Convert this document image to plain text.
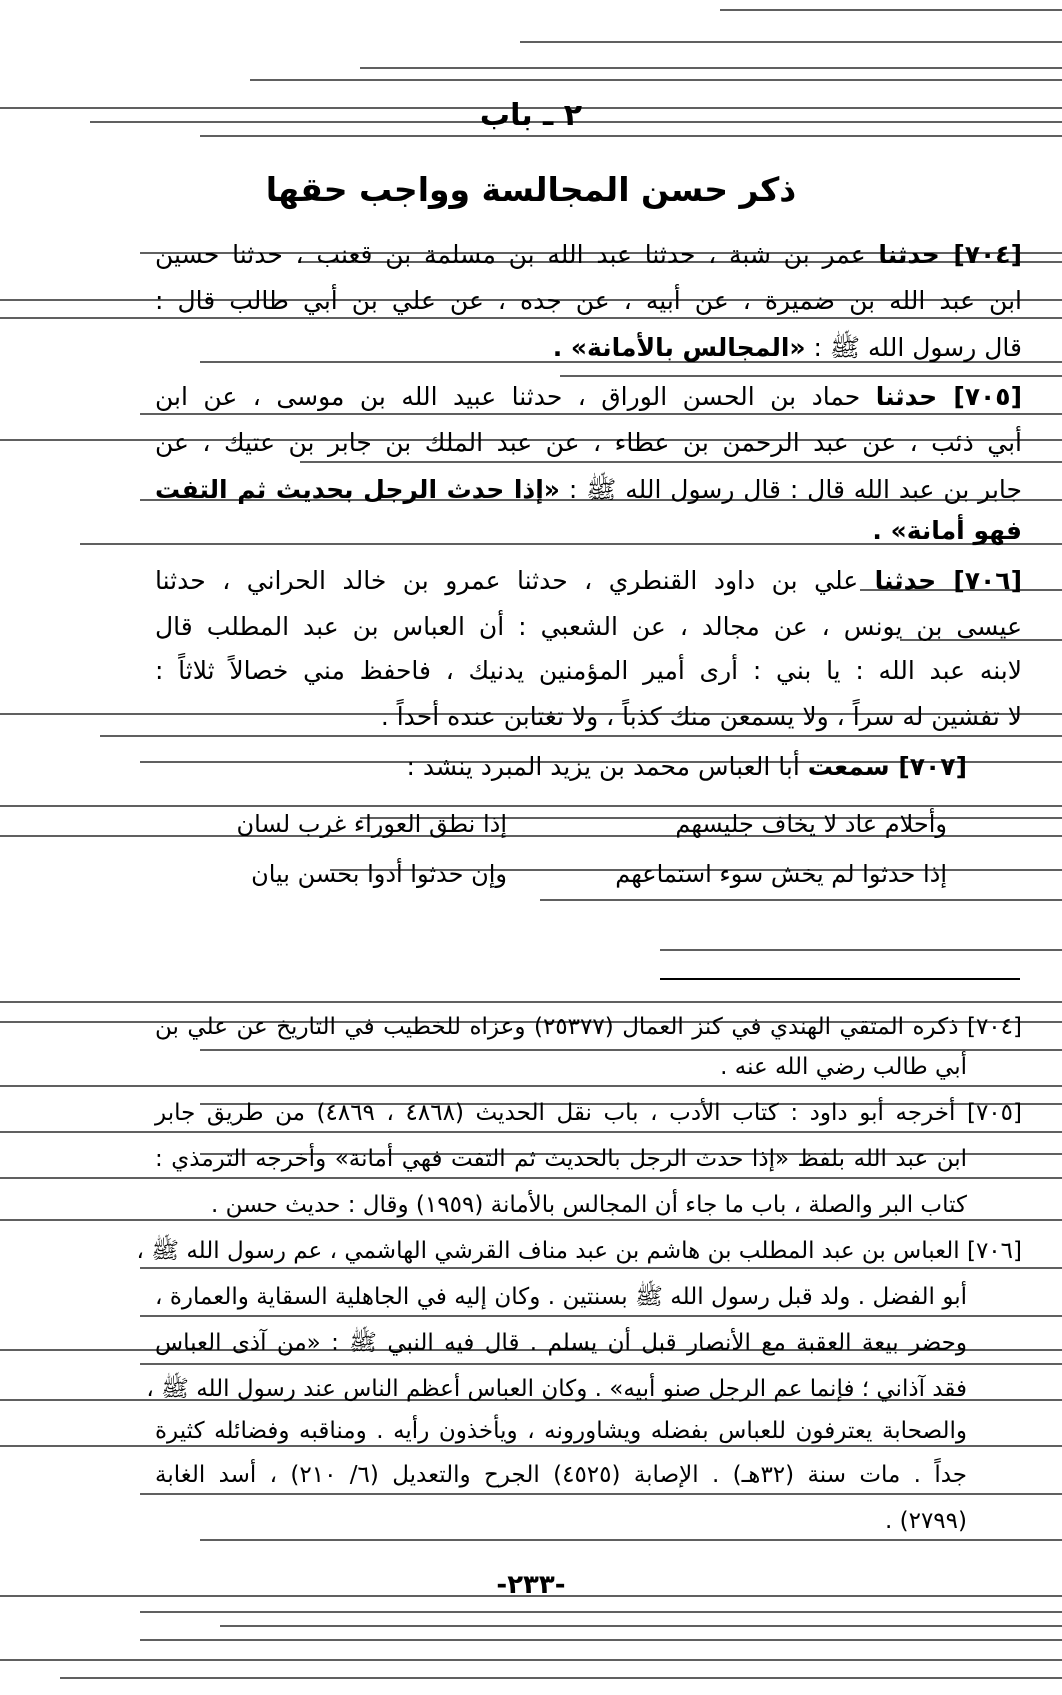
٢ ـ باب
ذكر حسن المجالسة وواجب حقها
[٧٠٤] حدثنا عمر بن شبة ، حدثنا عبد الله بن مسلمة بن قعنب ، حدثنا حسين
ابن عبد الله بن ضميرة ، عن أبيه ، عن جده ، عن علي بن أبي طالب قال :
قال رسول الله ﷺ : «المجالس بالأمانة» .
[٧٠٥] حدثنا حماد بن الحسن الوراق ، حدثنا عبيد الله بن موسى ، عن ابن
أبي ذئب ، عن عبد الرحمن بن عطاء ، عن عبد الملك بن جابر بن عتيك ، عن
جابر بن عبد الله قال : قال رسول الله ﷺ : «إذا حدث الرجل بحديث ثم التفت
فهو أمانة» .
[٧٠٦] حدثنا علي بن داود القنطري ، حدثنا عمرو بن خالد الحراني ، حدثنا
عيسى بن يونس ، عن مجالد ، عن الشعبي : أن العباس بن عبد المطلب قال
لابنه عبد الله : يا بني : أرى أمير المؤمنين يدنيك ، فاحفظ مني خصالاً ثلاثاً :
لا تفشين له سراً ، ولا يسمعن منك كذباً ، ولا تغتابن عنده أحداً .
[٧٠٧] سمعت أبا العباس محمد بن يزيد المبرد ينشد :
وأحلام عاد لا يخاف جليسهم
إذا نطق العوراء غرب لسان
إذا حدثوا لم يخش سوء استماعهم
وإن حدثوا أدوا بحسن بيان
[٧٠٤] ذكره المتقي الهندي في كنز العمال (٢٥٣٧٧) وعزاه للخطيب في التاريخ عن علي بن
أبي طالب رضي الله عنه .
[٧٠٥] أخرجه أبو داود : كتاب الأدب ، باب نقل الحديث (٤٨٦٨ ، ٤٨٦٩) من طريق جابر
ابن عبد الله بلفظ «إذا حدث الرجل بالحديث ثم التفت فهي أمانة» وأخرجه الترمذي :
كتاب البر والصلة ، باب ما جاء أن المجالس بالأمانة (١٩٥٩) وقال : حديث حسن .
[٧٠٦] العباس بن عبد المطلب بن هاشم بن عبد مناف القرشي الهاشمي ، عم رسول الله ﷺ ،
أبو الفضل . ولد قبل رسول الله ﷺ بسنتين . وكان إليه في الجاهلية السقاية والعمارة ،
وحضر بيعة العقبة مع الأنصار قبل أن يسلم . قال فيه النبي ﷺ : «من آذى العباس
فقد آذاني ؛ فإنما عم الرجل صنو أبيه» . وكان العباس أعظم الناس عند رسول الله ﷺ ،
والصحابة يعترفون للعباس بفضله ويشاورونه ، ويأخذون رأيه . ومناقبه وفضائله كثيرة
جداً . مات سنة (٣٢هـ) . الإصابة (٤٥٢٥) الجرح والتعديل (٦/ ٢١٠) ، أسد الغابة
(٢٧٩٩) .
-٢٣٣-
